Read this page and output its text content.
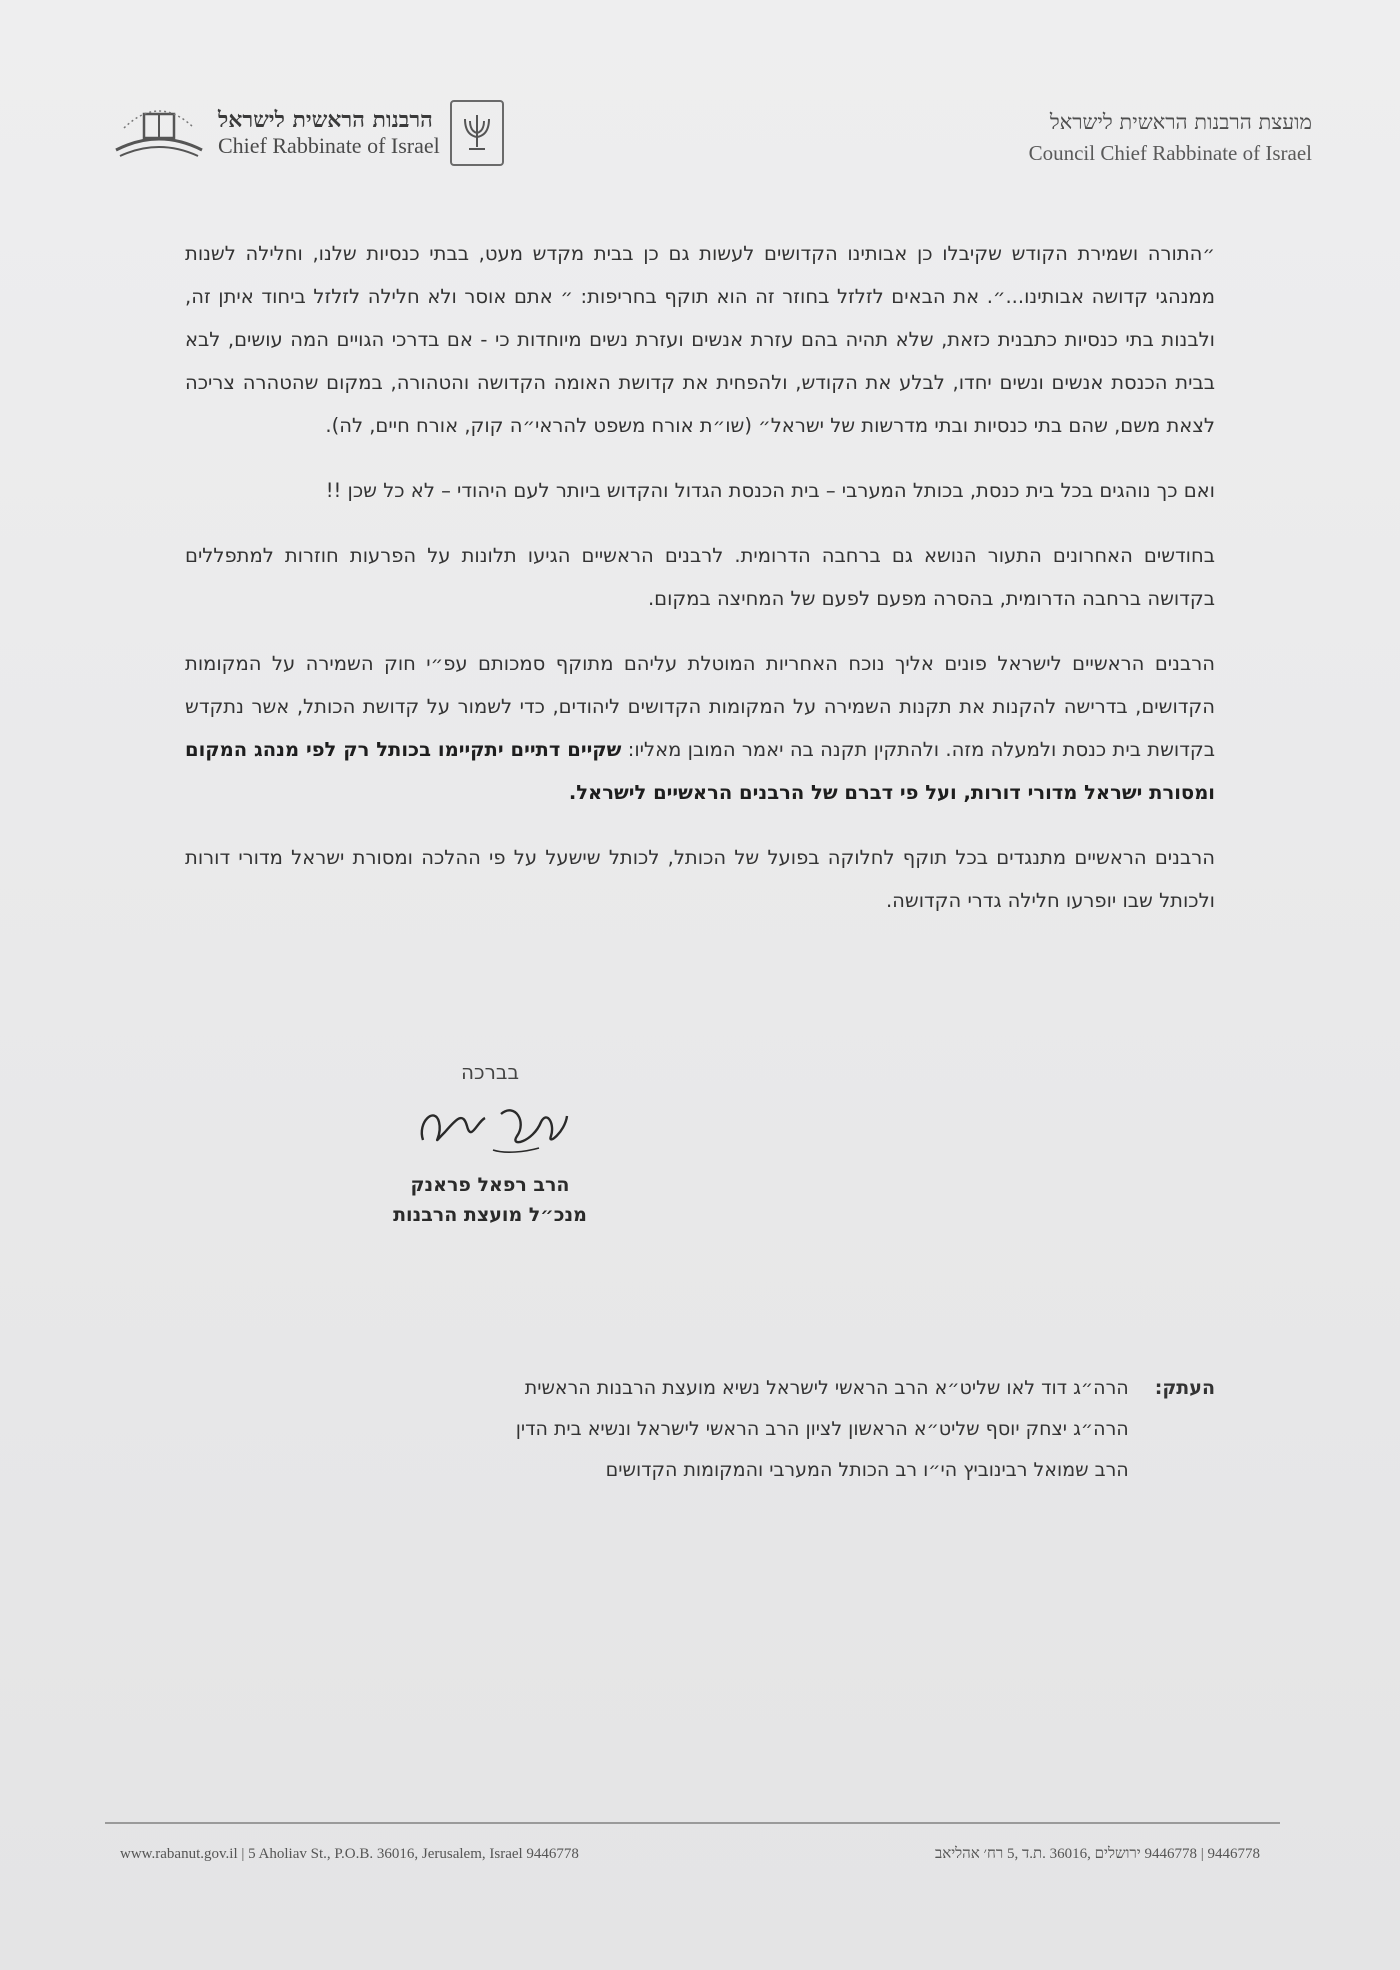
הרבנות הראשית לישראל
Chief Rabbinate of Israel
מועצת הרבנות הראשית לישראל
Council Chief Rabbinate of Israel

״התורה ושמירת הקודש שקיבלו כן אבותינו הקדושים לעשות גם כן בבית מקדש מעט, בבתי כנסיות שלנו, וחלילה לשנות ממנהגי קדושה אבותינו...״. את הבאים לזלזל בחוזר זה הוא תוקף בחריפות: ״ אתם אוסר ולא חלילה לזלזל ביחוד איתן זה, ולבנות בתי כנסיות כתבנית כזאת, שלא תהיה בהם עזרת אנשים ועזרת נשים מיוחדות כי - אם בדרכי הגויים המה עושים, לבא בבית הכנסת אנשים ונשים יחדו, לבלע את הקודש, ולהפחית את קדושת האומה הקדושה והטהורה, במקום שהטהרה צריכה לצאת משם, שהם בתי כנסיות ובתי מדרשות של ישראל״ (שו״ת אורח משפט להראי״ה קוק, אורח חיים, לה).

ואם כך נוהגים בכל בית כנסת, בכותל המערבי – בית הכנסת הגדול והקדוש ביותר לעם היהודי – לא כל שכן !!

בחודשים האחרונים התעור הנושא גם ברחבה הדרומית. לרבנים הראשיים הגיעו תלונות על הפרעות חוזרות למתפללים בקדושה ברחבה הדרומית, בהסרה מפעם לפעם של המחיצה במקום.

הרבנים הראשיים לישראל פונים אליך נוכח האחריות המוטלת עליהם מתוקף סמכותם עפ״י חוק השמירה על המקומות הקדושים, בדרישה להקנות את תקנות השמירה על המקומות הקדושים ליהודים, כדי לשמור על קדושת הכותל, אשר נתקדש בקדושת בית כנסת ולמעלה מזה. ולהתקין תקנה בה יאמר המובן מאליו: שקיים דתיים יתקיימו בכותל רק לפי מנהג המקום ומסורת ישראל מדורי דורות, ועל פי דברם של הרבנים הראשיים לישראל.

הרבנים הראשיים מתנגדים בכל תוקף לחלוקה בפועל של הכותל, לכותל שישעל על פי ההלכה ומסורת ישראל מדורי דורות ולכותל שבו יופרעו חלילה גדרי הקדושה.

בברכה
הרב רפאל פראנק
מנכ״ל מועצת הרבנות
העתק:
הרה״ג דוד לאו שליט״א הרב הראשי לישראל נשיא מועצת הרבנות הראשית
הרה״ג יצחק יוסף שליט״א הראשון לציון הרב הראשי לישראל ונשיא בית הדין
הרב שמואל רבינוביץ הי״ו רב הכותל המערבי והמקומות הקדושים
www.rabanut.gov.il | 5 Aholiav St., P.O.B. 36016, Jerusalem, Israel 9446778	9446778 | 9446778 ירושלים ,36016 .ת.ד ,5 רח׳ אהליאב
